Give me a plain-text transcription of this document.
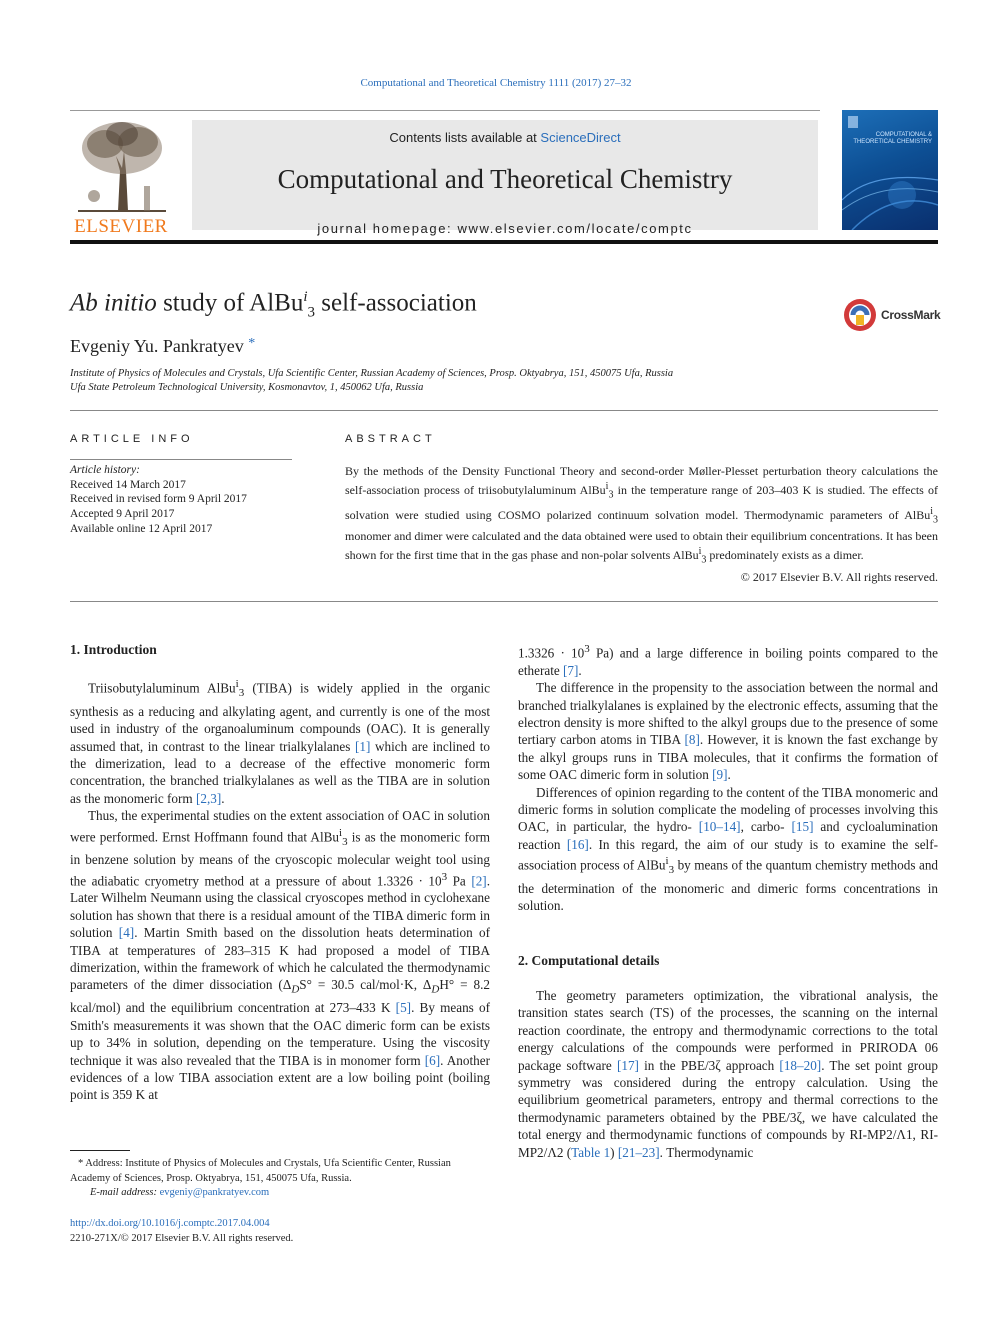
Computational and Theoretical Chemistry 1111 (2017) 27–32
ELSEVIER
Contents lists available at ScienceDirect
Computational and Theoretical Chemistry
journal homepage: www.elsevier.com/locate/comptc
COMPUTATIONAL & THEORETICAL CHEMISTRY
Ab initio study of AlBu$^i_3$ self-association	CrossMark
Evgeniy Yu. Pankratyev *
Institute of Physics of Molecules and Crystals, Ufa Scientific Center, Russian Academy of Sciences, Prosp. Oktyabrya, 151, 450075 Ufa, Russia
Ufa State Petroleum Technological University, Kosmonavtov, 1, 450062 Ufa, Russia
ARTICLE INFO	ABSTRACT
Article history:
Received 14 March 2017
Received in revised form 9 April 2017
Accepted 9 April 2017
Available online 12 April 2017
By the methods of the Density Functional Theory and second-order Møller-Plesset perturbation theory calculations the self-association process of triisobutylaluminum AlBu$^i_3$ in the temperature range of 203–403 K is studied. The effects of solvation were studied using COSMO polarized continuum solvation model. Thermodynamic parameters of AlBu$^i_3$ monomer and dimer were calculated and the data obtained were used to obtain their equilibrium concentrations. It has been shown for the first time that in the gas phase and non-polar solvents AlBu$^i_3$ predominately exists as a dimer.
© 2017 Elsevier B.V. All rights reserved.
1. Introduction

Triisobutylaluminum AlBu$^i_3$ (TIBA) is widely applied in the organic synthesis as a reducing and alkylating agent, and currently is one of the most used in industry of the organoaluminum compounds (OAC). It is generally assumed that, in contrast to the linear trialkylalanes [1] which are inclined to the dimerization, lead to a decrease of the effective monomeric form concentration, the branched trialkylalanes as well as the TIBA are in solution as the monomeric form [2,3].

Thus, the experimental studies on the extent association of OAC in solution were performed. Ernst Hoffmann found that AlBu$^i_3$ is as the monomeric form in benzene solution by means of the cryoscopic molecular weight tool using the adiabatic cryometry method at a pressure of about $1.3326 \cdot 10^3$ Pa [2]. Later Wilhelm Neumann using the classical cryoscopes method in cyclohexane solution has shown that there is a residual amount of the TIBA dimeric form in solution [4]. Martin Smith based on the dissolution heats determination of TIBA at temperatures of 283–315 K had proposed a model of TIBA dimerization, within the framework of which he calculated the thermodynamic parameters of the dimer dissociation ($\Delta_DS^\circ = 30.5$ cal/mol·K, $\Delta_DH^\circ = 8.2$ kcal/mol) and the equilibrium concentration at 273–433 K [5]. By means of Smith's measurements it was shown that the OAC dimeric form can be exists up to 34% in solution, depending on the temperature. Using the viscosity technique it was also revealed that the TIBA is in monomer form [6]. Another evidences of a low TIBA association extent are a low boiling point (boiling point is 359 K at

* Address: Institute of Physics of Molecules and Crystals, Ufa Scientific Center, Russian Academy of Sciences, Prosp. Oktyabrya, 151, 450075 Ufa, Russia.
E-mail address: evgeniy@pankratyev.com
http://dx.doi.org/10.1016/j.comptc.2017.04.004
2210-271X/© 2017 Elsevier B.V. All rights reserved.

$1.3326 \cdot 10^3$ Pa) and a large difference in boiling points compared to the etherate [7].

The difference in the propensity to the association between the normal and branched trialkylalanes is explained by the electronic effects, assuming that the electron density is more shifted to the alkyl groups due to the presence of some tertiary carbon atoms in TIBA [8]. However, it is known the fast exchange by the alkyl groups runs in TIBA molecules, that it confirms the formation of some OAC dimeric form in solution [9].

Differences of opinion regarding to the content of the TIBA monomeric and dimeric forms in solution complicate the modeling of processes involving this OAC, in particular, the hydro- [10–14], carbo- [15] and cycloalumination reaction [16]. In this regard, the aim of our study is to examine the self-association process of AlBu$^i_3$ by means of the quantum chemistry methods and the determination of the monomeric and dimeric forms concentrations in solution.

2. Computational details

The geometry parameters optimization, the vibrational analysis, the transition states search (TS) of the processes, the scanning on the internal reaction coordinate, the entropy and thermodynamic corrections to the total energy calculations of the compounds were performed in PRIRODA 06 package software [17] in the PBE/3ζ approach [18–20]. The set point group symmetry was considered during the entropy calculation. Using the equilibrium geometrical parameters, entropy and thermal corrections to the thermodynamic parameters obtained by the PBE/3ζ, we have calculated the total energy and thermodynamic functions of compounds by RI-MP2/Λ1, RI-MP2/Λ2 (Table 1) [21–23]. Thermodynamic
